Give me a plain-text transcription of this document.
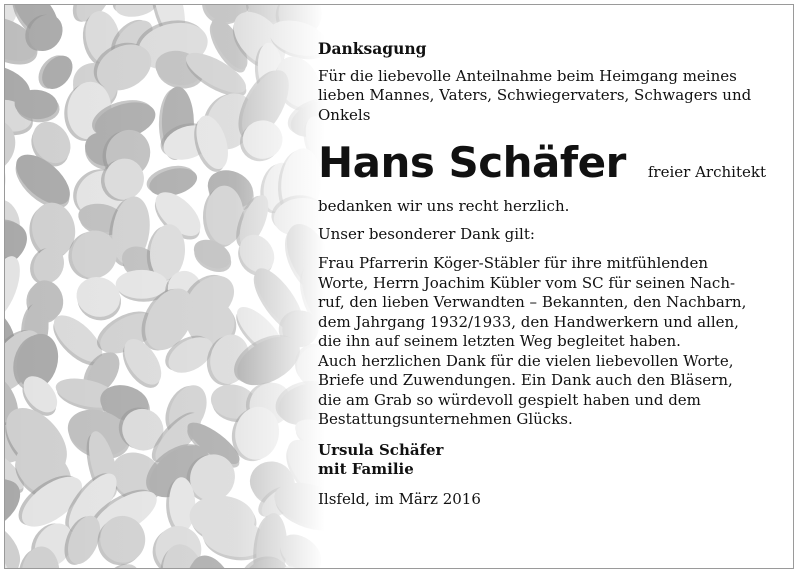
Danksagung

Für die liebevolle Anteilnahme beim Heimgang meines lieben Mannes, Vaters, Schwiegervaters, Schwagers und Onkels

Hans Schäfer freier Architekt

bedanken wir uns recht herzlich.

Unser besonderer Dank gilt:

Frau Pfarrerin Köger-Stäbler für ihre mitfühlenden
Worte, Herrn Joachim Kübler vom SC für seinen Nach-
ruf, den lieben Verwandten – Bekannten, den Nachbarn,
dem Jahrgang 1932/1933, den Handwerkern und allen,
die ihn auf seinem letzten Weg begleitet haben.
Auch herzlichen Dank für die vielen liebevollen Worte,
Briefe und Zuwendungen. Ein Dank auch den Bläsern,
die am Grab so würdevoll gespielt haben und dem
Bestattungsunternehmen Glücks.
Ursula Schäfer
mit Familie
Ilsfeld, im März 2016
